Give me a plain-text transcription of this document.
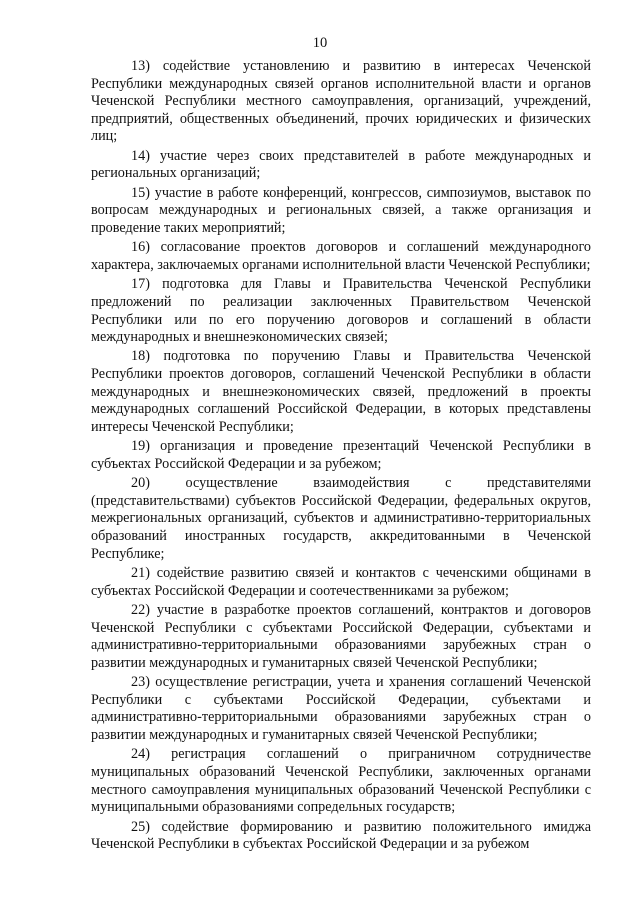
10

13) содействие установлению и развитию в интересах Чеченской Республики международных связей органов исполнительной власти и органов Чеченской Республики местного самоуправления, организаций, учреждений, предприятий, общественных объединений, прочих юридических и физических лиц;

14) участие через своих представителей в работе международных и региональных организаций;

15) участие в работе конференций, конгрессов, симпозиумов, выставок по вопросам международных и региональных связей, а также организация и проведение таких мероприятий;

16) согласование проектов договоров и соглашений международного характера, заключаемых органами исполнительной власти Чеченской Республики;

17) подготовка для Главы и Правительства Чеченской Республики предложений по реализации заключенных Правительством Чеченской Республики или по его поручению договоров и соглашений в области международных и внешнеэкономических связей;

18) подготовка по поручению Главы и Правительства Чеченской Республики проектов договоров, соглашений Чеченской Республики в области международных и внешнеэкономических связей, предложений в проекты международных соглашений Российской Федерации, в которых представлены интересы Чеченской Республики;

19) организация и проведение презентаций Чеченской Республики в субъектах Российской Федерации и за рубежом;

20) осуществление взаимодействия с представителями (представительствами) субъектов Российской Федерации, федеральных округов, межрегиональных организаций, субъектов и административно-территориальных образований иностранных государств, аккредитованными в Чеченской Республике;

21) содействие развитию связей и контактов с чеченскими общинами в субъектах Российской Федерации и соотечественниками за рубежом;

22) участие в разработке проектов соглашений, контрактов и договоров Чеченской Республики с субъектами Российской Федерации, субъектами и административно-территориальными образованиями зарубежных стран о развитии международных и гуманитарных связей Чеченской Республики;

23) осуществление регистрации, учета и хранения соглашений Чеченской Республики с субъектами Российской Федерации, субъектами и административно-территориальными образованиями зарубежных стран о развитии международных и гуманитарных связей Чеченской Республики;

24) регистрация соглашений о приграничном сотрудничестве муниципальных образований Чеченской Республики, заключенных органами местного самоуправления муниципальных образований Чеченской Республики с муниципальными образованиями сопредельных государств;

25) содействие формированию и развитию положительного имиджа Чеченской Республики в субъектах Российской Федерации и за рубежом
